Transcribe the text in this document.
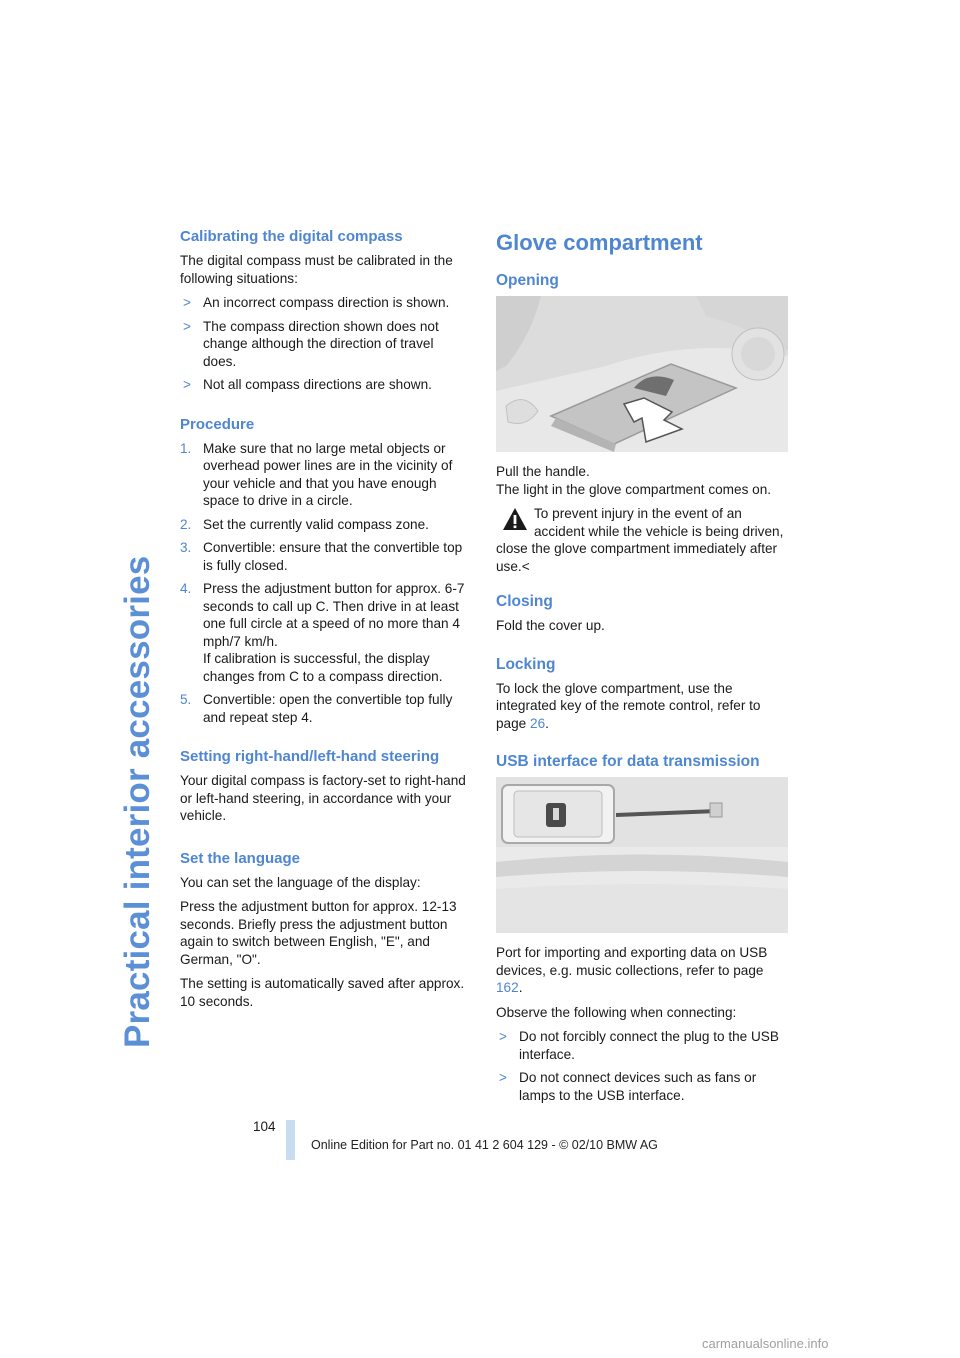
Practical interior accessories
Calibrating the digital compass

The digital compass must be calibrated in the following situations:

> An incorrect compass direction is shown.
> The compass direction shown does not change although the direction of travel does.
> Not all compass directions are shown.
Procedure
1. Make sure that no large metal objects or overhead power lines are in the vicinity of your vehicle and that you have enough space to drive in a circle.
2. Set the currently valid compass zone.
3. Convertible: ensure that the convertible top is fully closed.
4. Press the adjustment button for approx. 6-7 seconds to call up C. Then drive in at least one full circle at a speed of no more than 4 mph/7 km/h.
If calibration is successful, the display changes from C to a compass direction.
5. Convertible: open the convertible top fully and repeat step 4.
Setting right-hand/left-hand steering

Your digital compass is factory-set to right-hand or left-hand steering, in accordance with your vehicle.

Set the language

You can set the language of the display:

Press the adjustment button for approx. 12-13 seconds. Briefly press the adjustment button again to switch between English, "E", and German, "O".

The setting is automatically saved after approx. 10 seconds.

Glove compartment
Opening

Pull the handle.

The light in the glove compartment comes on.

To prevent injury in the event of an accident while the vehicle is being driven,
close the glove compartment immediately after use.<
Closing

Fold the cover up.

Locking

To lock the glove compartment, use the integrated key of the remote control, refer to page 26.

USB interface for data transmission

Port for importing and exporting data on USB devices, e.g. music collections, refer to page 162.

Observe the following when connecting:

> Do not forcibly connect the plug to the USB interface.
> Do not connect devices such as fans or lamps to the USB interface.
104
Online Edition for Part no. 01 41 2 604 129 - © 02/10 BMW AG
carmanualsonline.info
